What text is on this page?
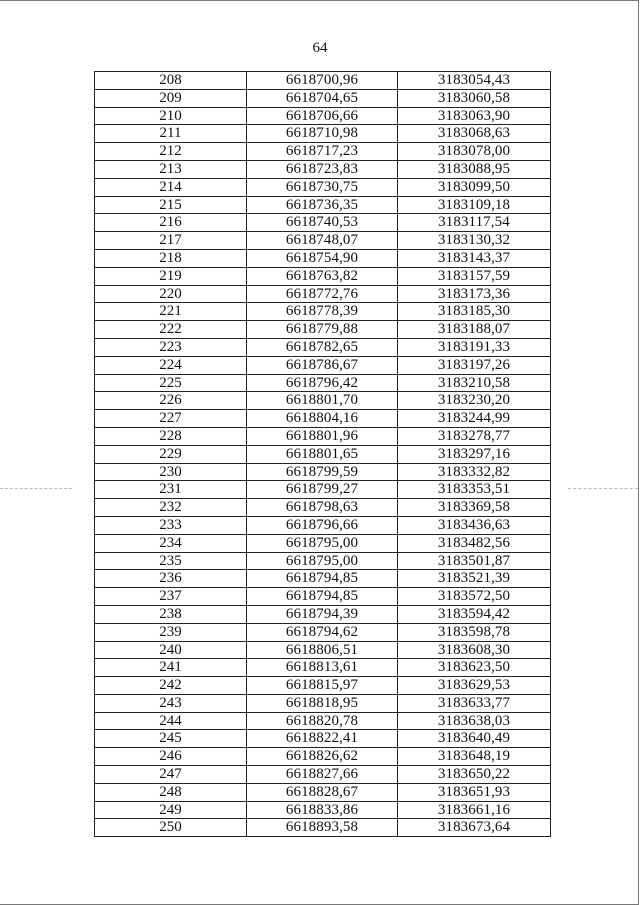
64
208	6618700,96	3183054,43
209	6618704,65	3183060,58
210	6618706,66	3183063,90
211	6618710,98	3183068,63
212	6618717,23	3183078,00
213	6618723,83	3183088,95
214	6618730,75	3183099,50
215	6618736,35	3183109,18
216	6618740,53	3183117,54
217	6618748,07	3183130,32
218	6618754,90	3183143,37
219	6618763,82	3183157,59
220	6618772,76	3183173,36
221	6618778,39	3183185,30
222	6618779,88	3183188,07
223	6618782,65	3183191,33
224	6618786,67	3183197,26
225	6618796,42	3183210,58
226	6618801,70	3183230,20
227	6618804,16	3183244,99
228	6618801,96	3183278,77
229	6618801,65	3183297,16
230	6618799,59	3183332,82
231	6618799,27	3183353,51
232	6618798,63	3183369,58
233	6618796,66	3183436,63
234	6618795,00	3183482,56
235	6618795,00	3183501,87
236	6618794,85	3183521,39
237	6618794,85	3183572,50
238	6618794,39	3183594,42
239	6618794,62	3183598,78
240	6618806,51	3183608,30
241	6618813,61	3183623,50
242	6618815,97	3183629,53
243	6618818,95	3183633,77
244	6618820,78	3183638,03
245	6618822,41	3183640,49
246	6618826,62	3183648,19
247	6618827,66	3183650,22
248	6618828,67	3183651,93
249	6618833,86	3183661,16
250	6618893,58	3183673,64
